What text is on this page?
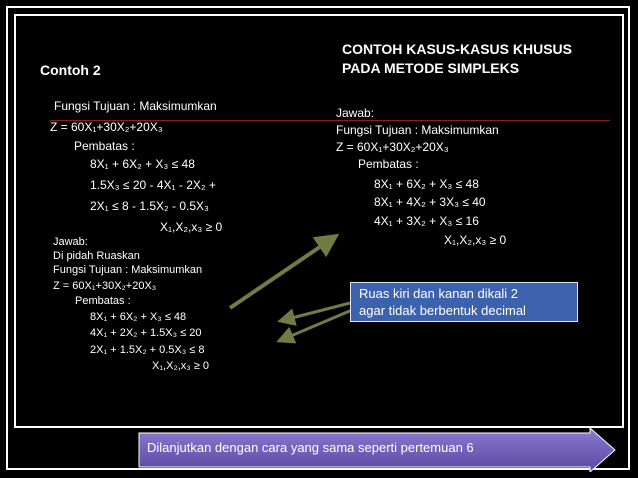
CONTOH KASUS-KASUS KHUSUS
PADA METODE SIMPLEKS
Contoh 2
Fungsi Tujuan : Maksimumkan
Z = 60X₁+30X₂+20X₃
Pembatas :
8X₁ + 6X₂ + X₃ ≤ 48
1.5X₃ ≤ 20 - 4X₁ - 2X₂ +
2X₁ ≤ 8 - 1.5X₂ - 0.5X₃
X₁,X₂,x₃ ≥ 0
Jawab:
Di pidah Ruaskan
Fungsi Tujuan : Maksimumkan
Z = 60X₁+30X₂+20X₃
Pembatas :
8X₁ + 6X₂ + X₃ ≤ 48
4X₁ + 2X₂ + 1.5X₃ ≤ 20
2X₁ + 1.5X₂ + 0.5X₃ ≤ 8
X₁,X₂,x₃ ≥ 0
Jawab:
Fungsi Tujuan : Maksimumkan
Z = 60X₁+30X₂+20X₃
Pembatas :
8X₁ + 6X₂ + X₃ ≤ 48
8X₁ + 4X₂ + 3X₃ ≤ 40
4X₁ + 3X₂ + X₃ ≤ 16
X₁,X₂,x₃ ≥ 0
Ruas kiri dan kanan dikali 2
agar tidak berbentuk decimal
Dilanjutkan dengan cara yang sama seperti pertemuan 6
